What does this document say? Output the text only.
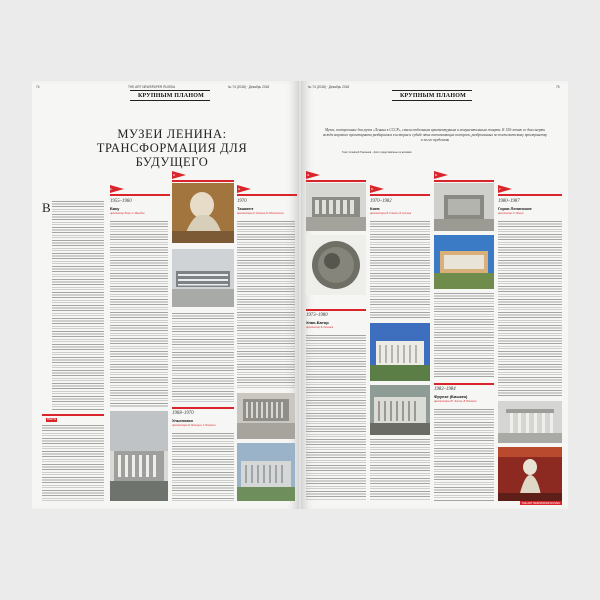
74	THE ART NEWSPAPER RUSSIA	№ 74 (2018) · Декабрь 2018
КРУПНЫМ ПЛАНОМ
МУЗЕИ ЛЕНИНА:
ТРАНСФОРМАЦИЯ ДЛЯ БУДУЩЕГО
1.
2.
3.
В
ФАКТЫ
1955–1960
Баку
Архитектор Рзаев, Г. Мамедов
1968–1970
Ульяновск
Архитекторы Б. Мезенцев, Г. Исакович
1970
Ташкент
Архитекторы Е. Розанов, В. Шестопалов
№ 74 (2018) · Декабрь 2018	75
КРУПНЫМ ПЛАНОМ
Музеи, построенные для музея «Ленина в СССР», стали отдельным архитектурным и монументальным жанром. К 150-летию со дня смерти вождя мирового пролетариата разбираемся в истории и судьбе этих впечатляющих построек, разбросанных по постсоветскому пространству и за его пределами
Текст Алексей Тарханов · фото представлены из архивов
4.
5.
6.
7.
1973–1980
Улан-Батор
Архитектор В. Пальмин
1970–1982
Киев
Архитекторы В. Гопкало, В. Гречина
1982–1984
Фрунзе (Бишкек)
Архитекторы Ю. Тюсков, В. Никитин
1980–1987
Горки Ленинские
Архитектор Л. Павлов
THE ART NEWSPAPER RUSSIA
